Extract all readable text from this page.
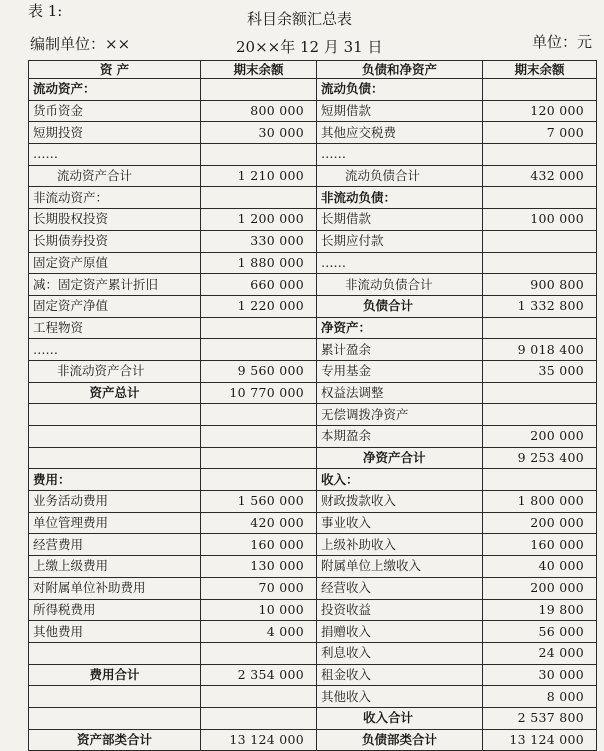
表 1:	科目余额汇总表
编制单位：××	20××年 12 月 31 日	单位：元
资 产	期末余额	负债和净资产	期末余额
流动资产：		流动负债：	
货币资金	800 000	短期借款	120 000
短期投资	30 000	其他应交税费	7 000
……		……	
流动资产合计	1 210 000	流动负债合计	432 000
非流动资产：		非流动负债：	
长期股权投资	1 200 000	长期借款	100 000
长期债券投资	330 000	长期应付款	
固定资产原值	1 880 000	……	
减：固定资产累计折旧	660 000	非流动负债合计	900 800
固定资产净值	1 220 000	负债合计	1 332 800
工程物资		净资产：	
……		累计盈余	9 018 400
非流动资产合计	9 560 000	专用基金	35 000
资产总计	10 770 000	权益法调整	
		无偿调拨净资产	
		本期盈余	200 000
		净资产合计	9 253 400
费用：		收入：	
业务活动费用	1 560 000	财政拨款收入	1 800 000
单位管理费用	420 000	事业收入	200 000
经营费用	160 000	上级补助收入	160 000
上缴上级费用	130 000	附属单位上缴收入	40 000
对附属单位补助费用	70 000	经营收入	200 000
所得税费用	10 000	投资收益	19 800
其他费用	4 000	捐赠收入	56 000
		利息收入	24 000
费用合计	2 354 000	租金收入	30 000
		其他收入	8 000
		收入合计	2 537 800
资产部类合计	13 124 000	负债部类合计	13 124 000
